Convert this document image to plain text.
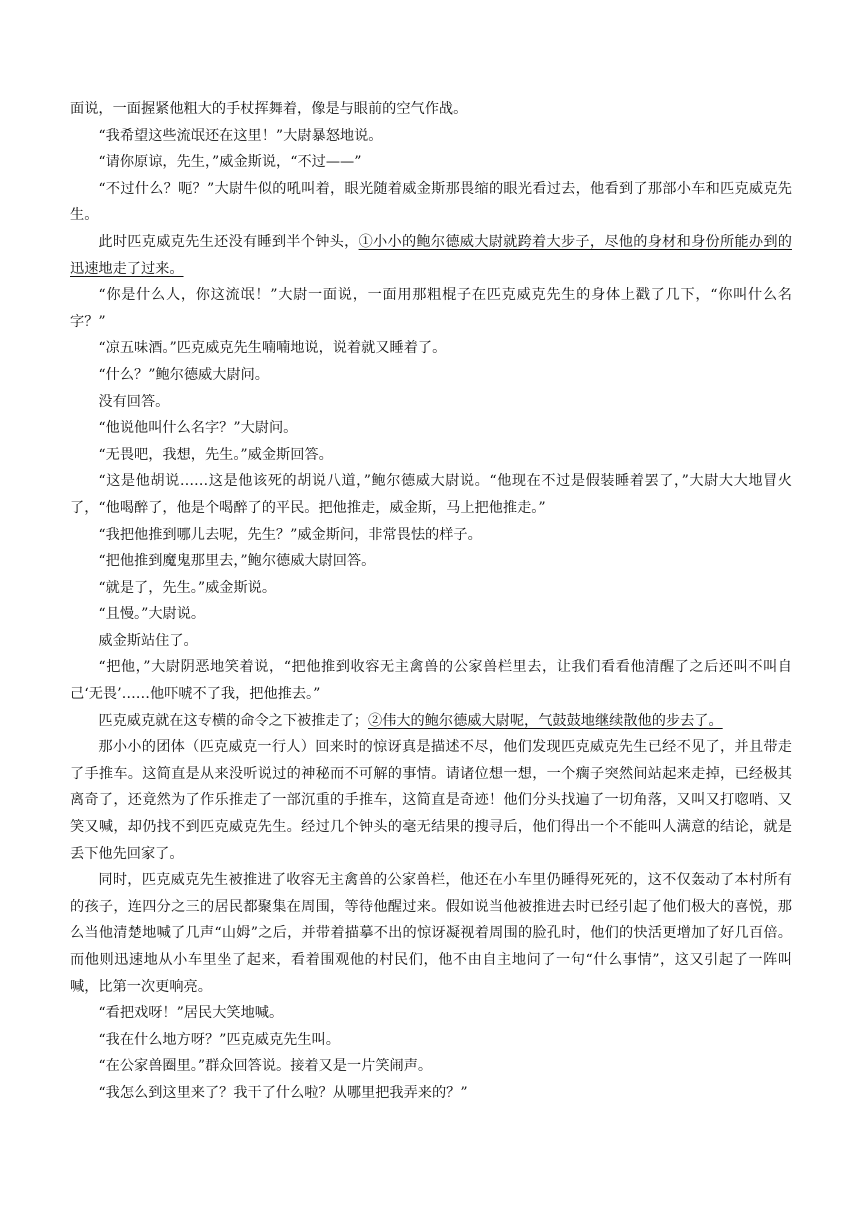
面说，一面握紧他粗大的手杖挥舞着，像是与眼前的空气作战。

“我希望这些流氓还在这里！”大尉暴怒地说。

“请你原谅，先生，”威金斯说，“不过——”

“不过什么？呃？”大尉牛似的吼叫着，眼光随着威金斯那畏缩的眼光看过去，他看到了那部小车和匹克威克先生。

此时匹克威克先生还没有睡到半个钟头，①小小的鲍尔德威大尉就跨着大步子，尽他的身材和身份所能办到的迅速地走了过来。

“你是什么人，你这流氓！”大尉一面说，一面用那粗棍子在匹克威克先生的身体上戳了几下，“你叫什么名字？”

“凉五味酒。”匹克威克先生喃喃地说，说着就又睡着了。

“什么？”鲍尔德威大尉问。

没有回答。

“他说他叫什么名字？”大尉问。

“无畏吧，我想，先生。”威金斯回答。

“这是他胡说……这是他该死的胡说八道，”鲍尔德威大尉说。“他现在不过是假装睡着罢了，”大尉大大地冒火了，“他喝醉了，他是个喝醉了的平民。把他推走，威金斯，马上把他推走。”

“我把他推到哪儿去呢，先生？”威金斯问，非常畏怯的样子。

“把他推到魔鬼那里去，”鲍尔德威大尉回答。

“就是了，先生。”威金斯说。

“且慢。”大尉说。

威金斯站住了。

“把他，”大尉阴恶地笑着说，“把他推到收容无主禽兽的公家兽栏里去，让我们看看他清醒了之后还叫不叫自己‘无畏’……他吓唬不了我，把他推去。”

匹克威克就在这专横的命令之下被推走了；②伟大的鲍尔德威大尉呢，气鼓鼓地继续散他的步去了。

那小小的团体（匹克威克一行人）回来时的惊讶真是描述不尽，他们发现匹克威克先生已经不见了，并且带走了手推车。这简直是从来没听说过的神秘而不可解的事情。请诸位想一想，一个瘸子突然间站起来走掉，已经极其离奇了，还竟然为了作乐推走了一部沉重的手推车，这简直是奇迹！他们分头找遍了一切角落，又叫又打唿哨、又笑又喊，却仍找不到匹克威克先生。经过几个钟头的毫无结果的搜寻后，他们得出一个不能叫人满意的结论，就是丢下他先回家了。

同时，匹克威克先生被推进了收容无主禽兽的公家兽栏，他还在小车里仍睡得死死的，这不仅轰动了本村所有的孩子，连四分之三的居民都聚集在周围，等待他醒过来。假如说当他被推进去时已经引起了他们极大的喜悦，那么当他清楚地喊了几声“山姆”之后，并带着描摹不出的惊讶凝视着周围的脸孔时，他们的快活更增加了好几百倍。而他则迅速地从小车里坐了起来，看着围观他的村民们，他不由自主地问了一句“什么事情”，这又引起了一阵叫喊，比第一次更响亮。

“看把戏呀！”居民大笑地喊。

“我在什么地方呀？”匹克威克先生叫。

“在公家兽圈里。”群众回答说。接着又是一片笑闹声。

“我怎么到这里来了？我干了什么啦？从哪里把我弄来的？”
